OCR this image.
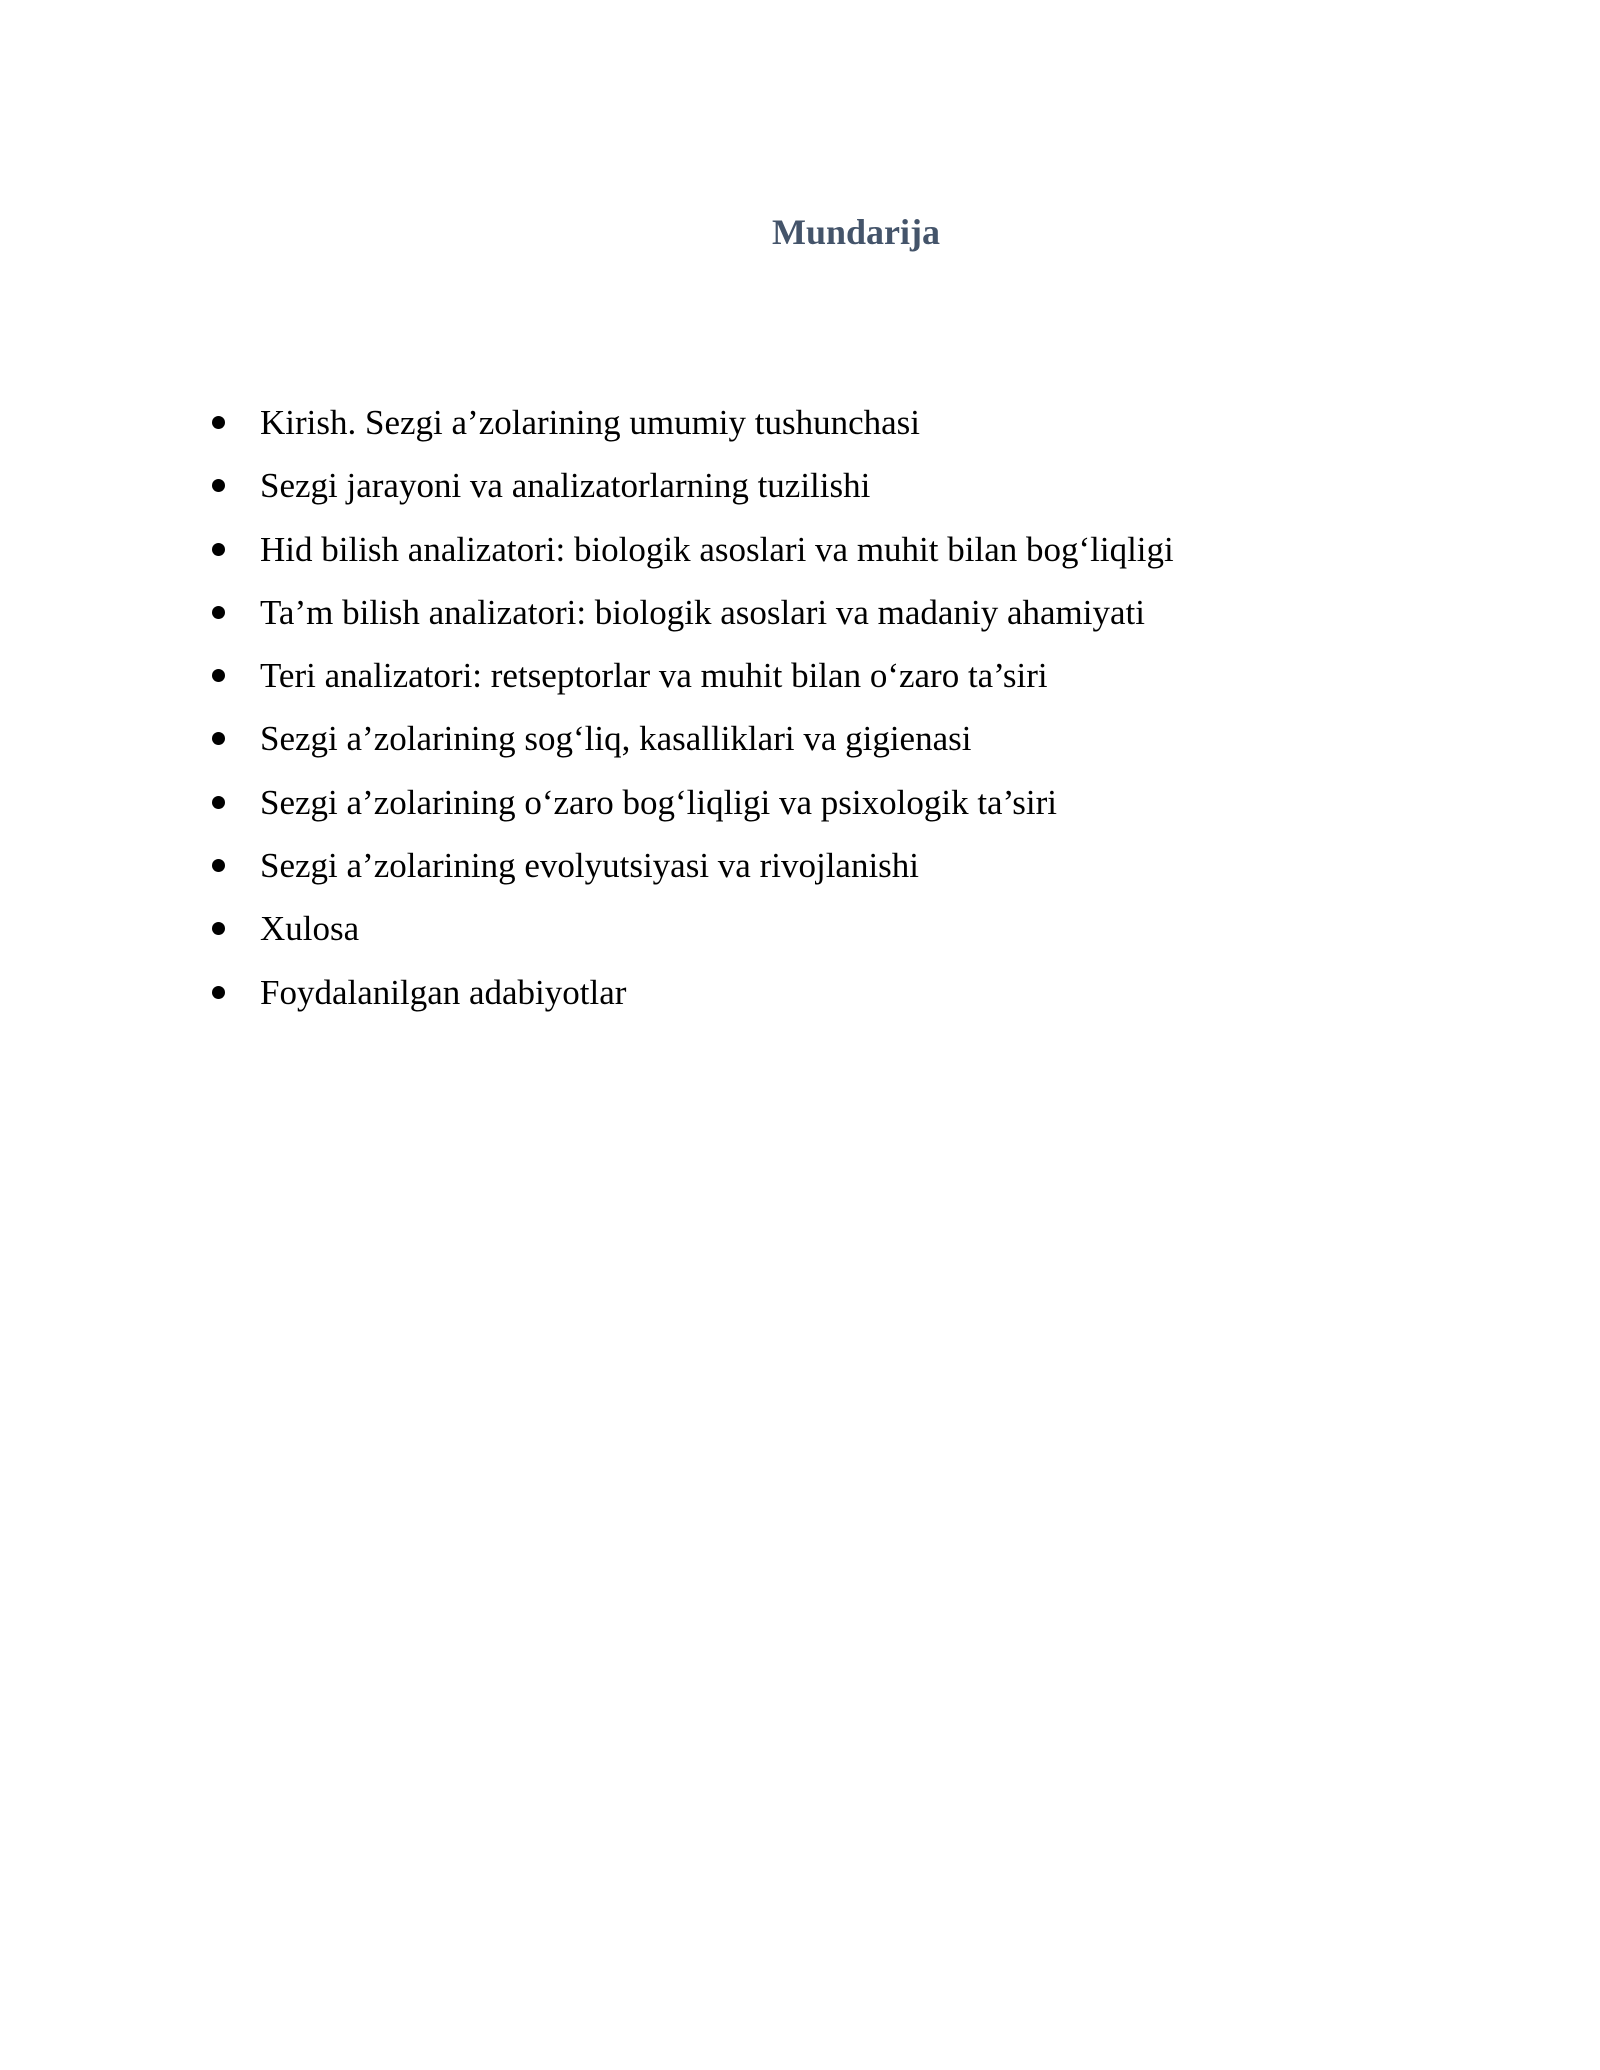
Mundarija
Kirish. Sezgi a’zolarining umumiy tushunchasi
Sezgi jarayoni va analizatorlarning tuzilishi
Hid bilish analizatori: biologik asoslari va muhit bilan bog‘liqligi
Ta’m bilish analizatori: biologik asoslari va madaniy ahamiyati
Teri analizatori: retseptorlar va muhit bilan o‘zaro ta’siri
Sezgi a’zolarining sog‘liq, kasalliklari va gigienasi
Sezgi a’zolarining o‘zaro bog‘liqligi va psixologik ta’siri
Sezgi a’zolarining evolyutsiyasi va rivojlanishi
Xulosa
Foydalanilgan adabiyotlar
